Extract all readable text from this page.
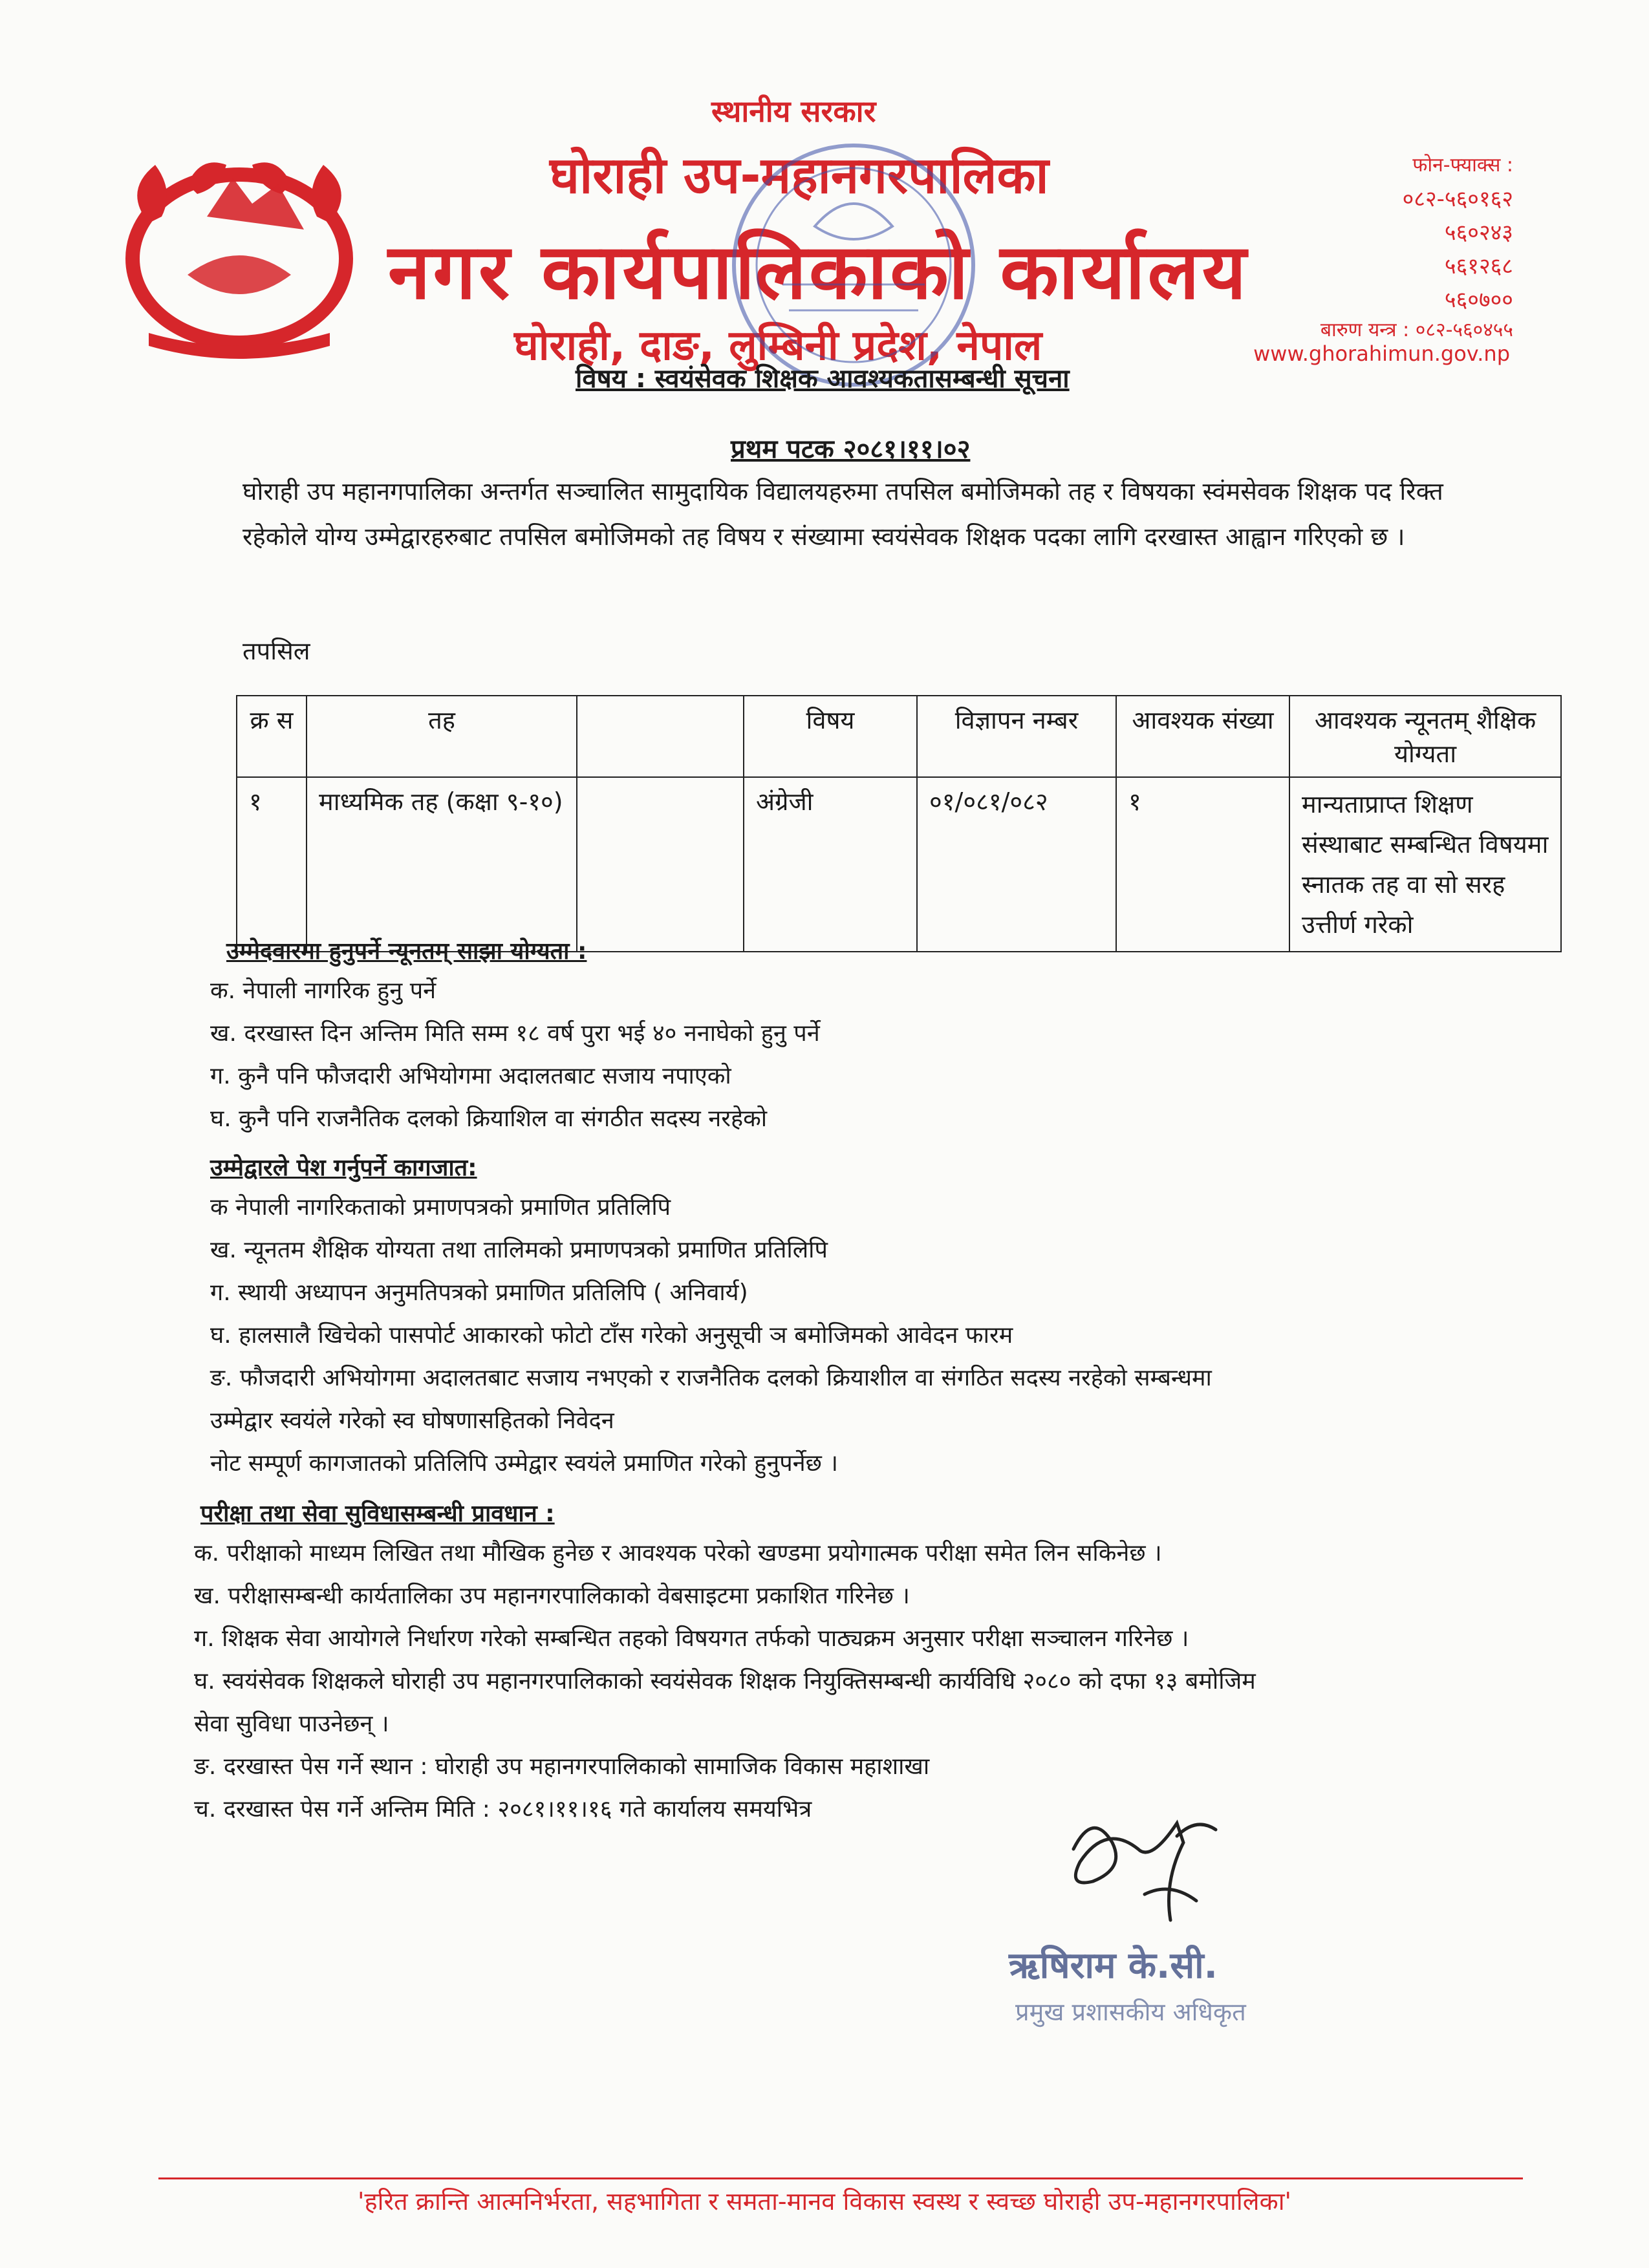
स्थानीय सरकार
घोराही उप-महानगरपालिका
नगर कार्यपालिकाको कार्यालय
घोराही, दाङ, लुम्बिनी प्रदेश, नेपाल
फोन-फ्याक्स :
०८२-५६०१६२
५६०२४३
५६१२६८
५६०७००
बारुण यन्त्र : ०८२-५६०४५५
www.ghorahimun.gov.np
विषय : स्वयंसेवक शिक्षक आवश्यकतासम्बन्धी सूचना
प्रथम पटक २०८१।११।०२
घोराही उप महानगपालिका अन्तर्गत सञ्चालित सामुदायिक विद्यालयहरुमा तपसिल बमोजिमको तह र विषयका स्वंमसेवक शिक्षक पद रिक्त रहेकोले योग्य उम्मेद्वारहरुबाट तपसिल बमोजिमको तह विषय र संख्यामा स्वयंसेवक शिक्षक पदका लागि दरखास्त आह्वान गरिएको छ ।
तपसिल
क्र स	तह		विषय	विज्ञापन नम्बर	आवश्यक संख्या	आवश्यक न्यूनतम् शैक्षिक योग्यता
१	माध्यमिक तह (कक्षा ९-१०)		अंग्रेजी	०१/०८१/०८२	१	मान्यताप्राप्त शिक्षण संस्थाबाट सम्बन्धित विषयमा स्नातक तह वा सो सरह उत्तीर्ण गरेको
उम्मेदवारमा हुनुपर्ने न्यूनतम् साझा योग्यता :
क. नेपाली नागरिक हुनु पर्ने
ख. दरखास्त दिन अन्तिम मिति सम्म १८ वर्ष पुरा भई ४० ननाघेको हुनु पर्ने
ग. कुनै पनि फौजदारी अभियोगमा अदालतबाट सजाय नपाएको
घ. कुनै पनि राजनैतिक दलको क्रियाशिल वा संगठीत सदस्य नरहेको
उम्मेद्वारले पेश गर्नुपर्ने कागजात:
क नेपाली नागरिकताको प्रमाणपत्रको प्रमाणित प्रतिलिपि
ख. न्यूनतम शैक्षिक योग्यता तथा तालिमको प्रमाणपत्रको प्रमाणित प्रतिलिपि
ग. स्थायी अध्यापन अनुमतिपत्रको प्रमाणित प्रतिलिपि ( अनिवार्य)
घ. हालसालै खिचेको पासपोर्ट आकारको फोटो टाँस गरेको अनुसूची ञ बमोजिमको आवेदन फारम
ङ. फौजदारी अभियोगमा अदालतबाट सजाय नभएको र राजनैतिक दलको क्रियाशील वा संगठित सदस्य नरहेको सम्बन्धमा
उम्मेद्वार स्वयंले गरेको स्व घोषणासहितको निवेदन
नोट सम्पूर्ण कागजातको प्रतिलिपि उम्मेद्वार स्वयंले प्रमाणित गरेको हुनुपर्नेछ ।
परीक्षा तथा सेवा सुविधासम्बन्धी प्रावधान :
क. परीक्षाको माध्यम लिखित तथा मौखिक हुनेछ र आवश्यक परेको खण्डमा प्रयोगात्मक परीक्षा समेत लिन सकिनेछ ।
ख. परीक्षासम्बन्धी कार्यतालिका उप महानगरपालिकाको वेबसाइटमा प्रकाशित गरिनेछ ।
ग. शिक्षक सेवा आयोगले निर्धारण गरेको सम्बन्धित तहको विषयगत तर्फको पाठ्यक्रम अनुसार परीक्षा सञ्चालन गरिनेछ ।
घ. स्वयंसेवक शिक्षकले घोराही उप महानगरपालिकाको स्वयंसेवक शिक्षक नियुक्तिसम्बन्धी कार्यविधि २०८० को दफा १३ बमोजिम
सेवा सुविधा पाउनेछन् ।
ङ. दरखास्त पेस गर्ने स्थान : घोराही उप महानगरपालिकाको सामाजिक विकास महाशाखा
च. दरखास्त पेस गर्ने अन्तिम मिति : २०८१।११।१६ गते कार्यालय समयभित्र
ऋषिराम के.सी.
प्रमुख प्रशासकीय अधिकृत
'हरित क्रान्ति आत्मनिर्भरता, सहभागिता र समता-मानव विकास स्वस्थ र स्वच्छ घोराही उप-महानगरपालिका'
